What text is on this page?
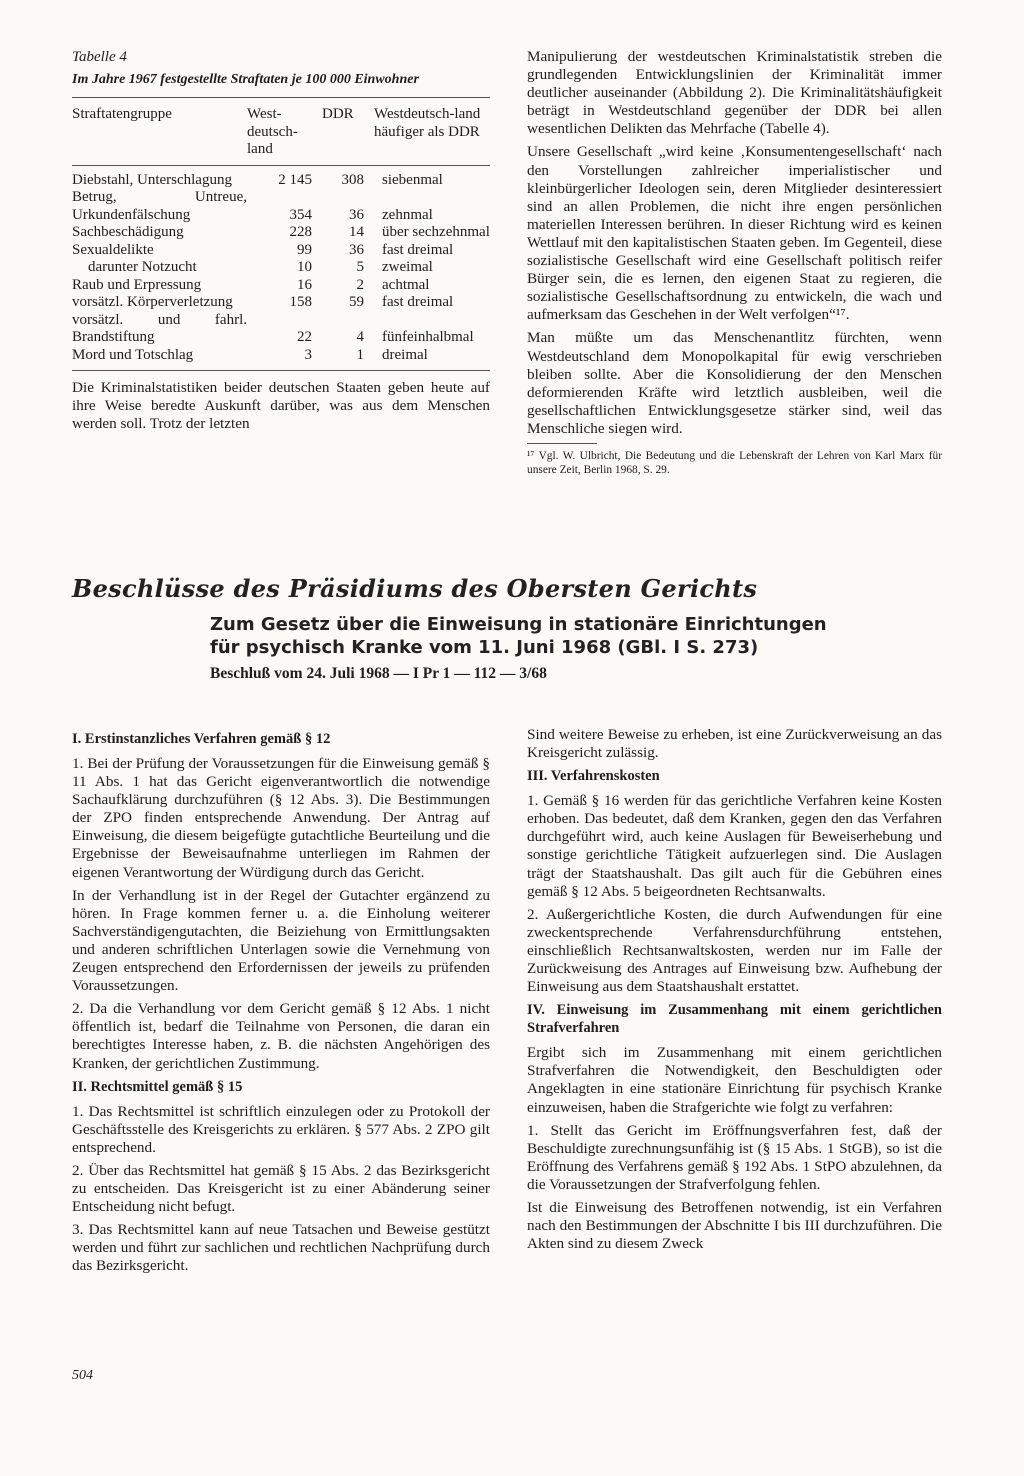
Tabelle 4

Im Jahre 1967 festgestellte Straftaten je 100 000 Einwohner

Straftatengruppe	West-deutsch-land	DDR	Westdeutsch-land häufiger als DDR
Diebstahl, Unterschlagung	2 145	308	siebenmal
Betrug, Untreue, Urkundenfälschung	354	36	zehnmal
Sachbeschädigung	228	14	über sechzehnmal
Sexualdelikte	99	36	fast dreimal
darunter Notzucht	10	5	zweimal
Raub und Erpressung	16	2	achtmal
vorsätzl. Körperverletzung	158	59	fast dreimal
vorsätzl. und fahrl. Brandstiftung	22	4	fünfeinhalbmal
Mord und Totschlag	3	1	dreimal

Die Kriminalstatistiken beider deutschen Staaten geben heute auf ihre Weise beredte Auskunft darüber, was aus dem Menschen werden soll. Trotz der letzten

Manipulierung der westdeutschen Kriminalstatistik streben die grundlegenden Entwicklungslinien der Kriminalität immer deutlicher auseinander (Abbildung 2). Die Kriminalitätshäufigkeit beträgt in Westdeutschland gegenüber der DDR bei allen wesentlichen Delikten das Mehrfache (Tabelle 4).

Unsere Gesellschaft „wird keine ‚Konsumentengesellschaft‘ nach den Vorstellungen zahlreicher imperialistischer und kleinbürgerlicher Ideologen sein, deren Mitglieder desinteressiert sind an allen Problemen, die nicht ihre engen persönlichen materiellen Interessen berühren. In dieser Richtung wird es keinen Wettlauf mit den kapitalistischen Staaten geben. Im Gegenteil, diese sozialistische Gesellschaft wird eine Gesellschaft politisch reifer Bürger sein, die es lernen, den eigenen Staat zu regieren, die sozialistische Gesellschaftsordnung zu entwickeln, die wach und aufmerksam das Geschehen in der Welt verfolgen“¹⁷.

Man müßte um das Menschenantlitz fürchten, wenn Westdeutschland dem Monopolkapital für ewig verschrieben bleiben sollte. Aber die Konsolidierung der den Menschen deformierenden Kräfte wird letztlich ausbleiben, weil die gesellschaftlichen Entwicklungsgesetze stärker sind, weil das Menschliche siegen wird.

¹⁷ Vgl. W. Ulbricht, Die Bedeutung und die Lebenskraft der Lehren von Karl Marx für unsere Zeit, Berlin 1968, S. 29.

Beschlüsse des Präsidiums des Obersten Gerichts

Zum Gesetz über die Einweisung in stationäre Einrichtungen

für psychisch Kranke vom 11. Juni 1968 (GBl. I S. 273)

Beschluß vom 24. Juli 1968 — I Pr 1 — 112 — 3/68

I. Erstinstanzliches Verfahren gemäß § 12

1. Bei der Prüfung der Voraussetzungen für die Einweisung gemäß § 11 Abs. 1 hat das Gericht eigenverantwortlich die notwendige Sachaufklärung durchzuführen (§ 12 Abs. 3). Die Bestimmungen der ZPO finden entsprechende Anwendung. Der Antrag auf Einweisung, die diesem beigefügte gutachtliche Beurteilung und die Ergebnisse der Beweisaufnahme unterliegen im Rahmen der eigenen Verantwortung der Würdigung durch das Gericht.

In der Verhandlung ist in der Regel der Gutachter ergänzend zu hören. In Frage kommen ferner u. a. die Einholung weiterer Sachverständigengutachten, die Beiziehung von Ermittlungsakten und anderen schriftlichen Unterlagen sowie die Vernehmung von Zeugen entsprechend den Erfordernissen der jeweils zu prüfenden Voraussetzungen.

2. Da die Verhandlung vor dem Gericht gemäß § 12 Abs. 1 nicht öffentlich ist, bedarf die Teilnahme von Personen, die daran ein berechtigtes Interesse haben, z. B. die nächsten Angehörigen des Kranken, der gerichtlichen Zustimmung.

II. Rechtsmittel gemäß § 15

1. Das Rechtsmittel ist schriftlich einzulegen oder zu Protokoll der Geschäftsstelle des Kreisgerichts zu erklären. § 577 Abs. 2 ZPO gilt entsprechend.

2. Über das Rechtsmittel hat gemäß § 15 Abs. 2 das Bezirksgericht zu entscheiden. Das Kreisgericht ist zu einer Abänderung seiner Entscheidung nicht befugt.

3. Das Rechtsmittel kann auf neue Tatsachen und Beweise gestützt werden und führt zur sachlichen und rechtlichen Nachprüfung durch das Bezirksgericht.

Sind weitere Beweise zu erheben, ist eine Zurückverweisung an das Kreisgericht zulässig.

III. Verfahrenskosten

1. Gemäß § 16 werden für das gerichtliche Verfahren keine Kosten erhoben. Das bedeutet, daß dem Kranken, gegen den das Verfahren durchgeführt wird, auch keine Auslagen für Beweiserhebung und sonstige gerichtliche Tätigkeit aufzuerlegen sind. Die Auslagen trägt der Staatshaushalt. Das gilt auch für die Gebühren eines gemäß § 12 Abs. 5 beigeordneten Rechtsanwalts.

2. Außergerichtliche Kosten, die durch Aufwendungen für eine zweckentsprechende Verfahrensdurchführung entstehen, einschließlich Rechtsanwaltskosten, werden nur im Falle der Zurückweisung des Antrages auf Einweisung bzw. Aufhebung der Einweisung aus dem Staatshaushalt erstattet.

IV. Einweisung im Zusammenhang mit einem gerichtlichen Strafverfahren

Ergibt sich im Zusammenhang mit einem gerichtlichen Strafverfahren die Notwendigkeit, den Beschuldigten oder Angeklagten in eine stationäre Einrichtung für psychisch Kranke einzuweisen, haben die Strafgerichte wie folgt zu verfahren:

1. Stellt das Gericht im Eröffnungsverfahren fest, daß der Beschuldigte zurechnungsunfähig ist (§ 15 Abs. 1 StGB), so ist die Eröffnung des Verfahrens gemäß § 192 Abs. 1 StPO abzulehnen, da die Voraussetzungen der Strafverfolgung fehlen.

Ist die Einweisung des Betroffenen notwendig, ist ein Verfahren nach den Bestimmungen der Abschnitte I bis III durchzuführen. Die Akten sind zu diesem Zweck

504
